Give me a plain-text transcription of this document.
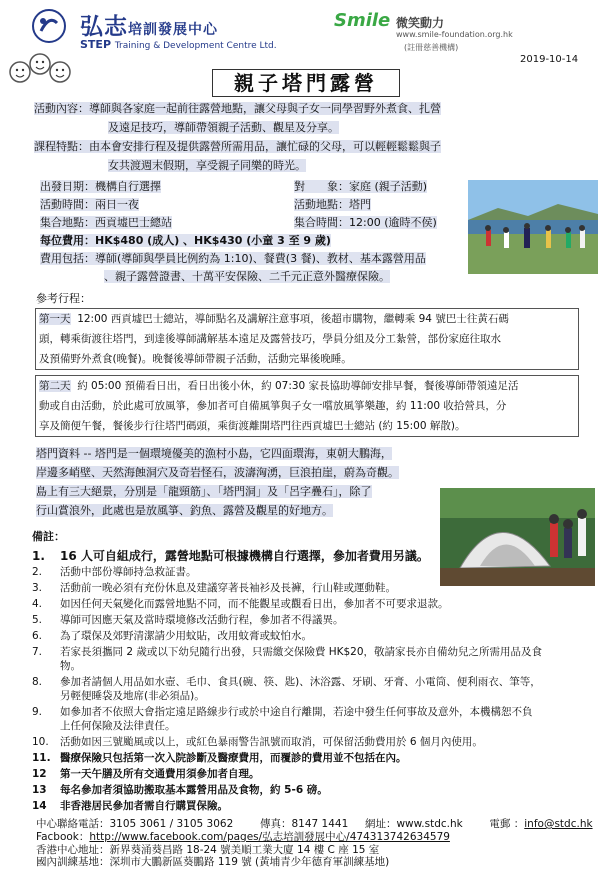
弘志培訓發展中心
STEP Training & Development Centre Ltd.
Smile 微笑動力
www.smile-foundation.org.hk
(註冊慈善機構)
2019-10-14
親子塔門露營
活動內容：導師與各家庭一起前往露營地點，讓父母與子女一同學習野外煮食、扎營
及遠足技巧，導師帶領親子活動、觀星及分享。
課程特點：由本會安排行程及提供露營所需用品，讓忙碌的父母，可以輕輕鬆鬆與子
女共渡週末假期，享受親子同樂的時光。
出發日期：機構自行選擇	對　　象：家庭 (親子活動)
活動時間：兩日一夜	活動地點：塔門
集合地點：西貢墟巴士總站	集合時間：12:00 (逾時不侯)
每位費用：HK$480 (成人) 、HK$430 (小童 3 至 9 歲)
費用包括：導師(導師與學員比例約為 1:10)、餐費(3 餐)、教材、基本露營用品
、親子露營證書、十萬平安保險、二千元正意外醫療保險。
參考行程：
第一天 12:00 西貢墟巴士總站，導師點名及講解注意事項，後超市購物，繼轉乘 94 號巴士往黃石碼
頭，轉乘街渡往塔門，到達後導師講解基本遠足及露營技巧，學員分組及分工紮營，部份家庭往取水
及預備野外煮食(晚餐)。晚餐後導師帶親子活動，活動完畢後晚睡。
第二天 約 05:00 預備看日出，看日出後小休，約 07:30 家長協助導師安排早餐，餐後導師帶領遠足活
動或自由活動，於此處可放風箏，參加者可自備風箏與子女一嚐放風箏樂趣，約 11:00 收拾營具，分
享及簡便午餐，餐後步行往塔門碼頭，乘街渡離開塔門往西貢墟巴士總站 (約 15:00 解散)。
塔門資料 -- 塔門是一個環境優美的漁村小島，它四面環海，東朝大鵬海，
岸邊多峭壁、天然海蝕洞穴及奇岩怪石，波濤洶湧，巨浪拍崖，蔚為奇觀。
島上有三大絕景，分別是「龍頸筋」、「塔門洞」及「呂字疊石」，除了
行山賞浪外，此處也是放風箏、釣魚、露營及觀星的好地方。
備註：
1.	16 人可自組成行，露營地點可根據機構自行選擇，參加者費用另議。
2.	活動中部份導師持急救証書。
3.	活動前一晚必須有充份休息及建議穿著長袖衫及長褲，行山鞋或運動鞋。
4.	如因任何天氣變化而露營地點不同，而不能觀星或觀看日出，參加者不可要求退款。
5.	導師可因應天氣及當時環境修改活動行程，參加者不得議異。
6.	為了環保及郊野清潔請少用蚊貼，改用蚊膏或蚊怕水。
7.	若家長須攜同 2 歲或以下幼兒隨行出發，只需繳交保險費 HK$20，敬請家長亦自備幼兒之所需用品及食
物。
8.	參加者請個人用品如水壺、毛巾、食具(碗、筷、匙)、沐浴露、牙刷、牙膏、小電筒、便利雨衣、筆等，
另輕便睡袋及地席(非必須品)。
9.	如參加者不依照大會指定遠足路線步行或於中途自行離開，若途中發生任何事故及意外，本機構恕不負
上任何保險及法律責任。
10.	活動如因三號颱風或以上，或紅色暴雨警告訊號而取消，可保留活動費用於 6 個月內使用。
11. 醫療保險只包括第一次入院診斷及醫療費用，而覆診的費用並不包括在內。
12	第一天午膳及所有交通費用須參加者自理。
13	每名參加者須協助搬取基本露營用品及食物，約 5-6 磅。
14	非香港居民參加者需自行購買保險。
中心聯絡電話：3105 3061 / 3105 3062	傳真：8147 1441 網址：www.stdc.hk	電郵 ：info@stdc.hk
Facbook：http://www.facebook.com/pages/弘志培訓發展中心/474313742634579
香港中心地址：新界葵涌葵昌路 18-24 號美順工業大廈 14 樓 C 座 15 室
國內訓練基地：深圳市大鵬新區葵鵬路 119 號 (黃埔青少年德育軍訓練基地)
